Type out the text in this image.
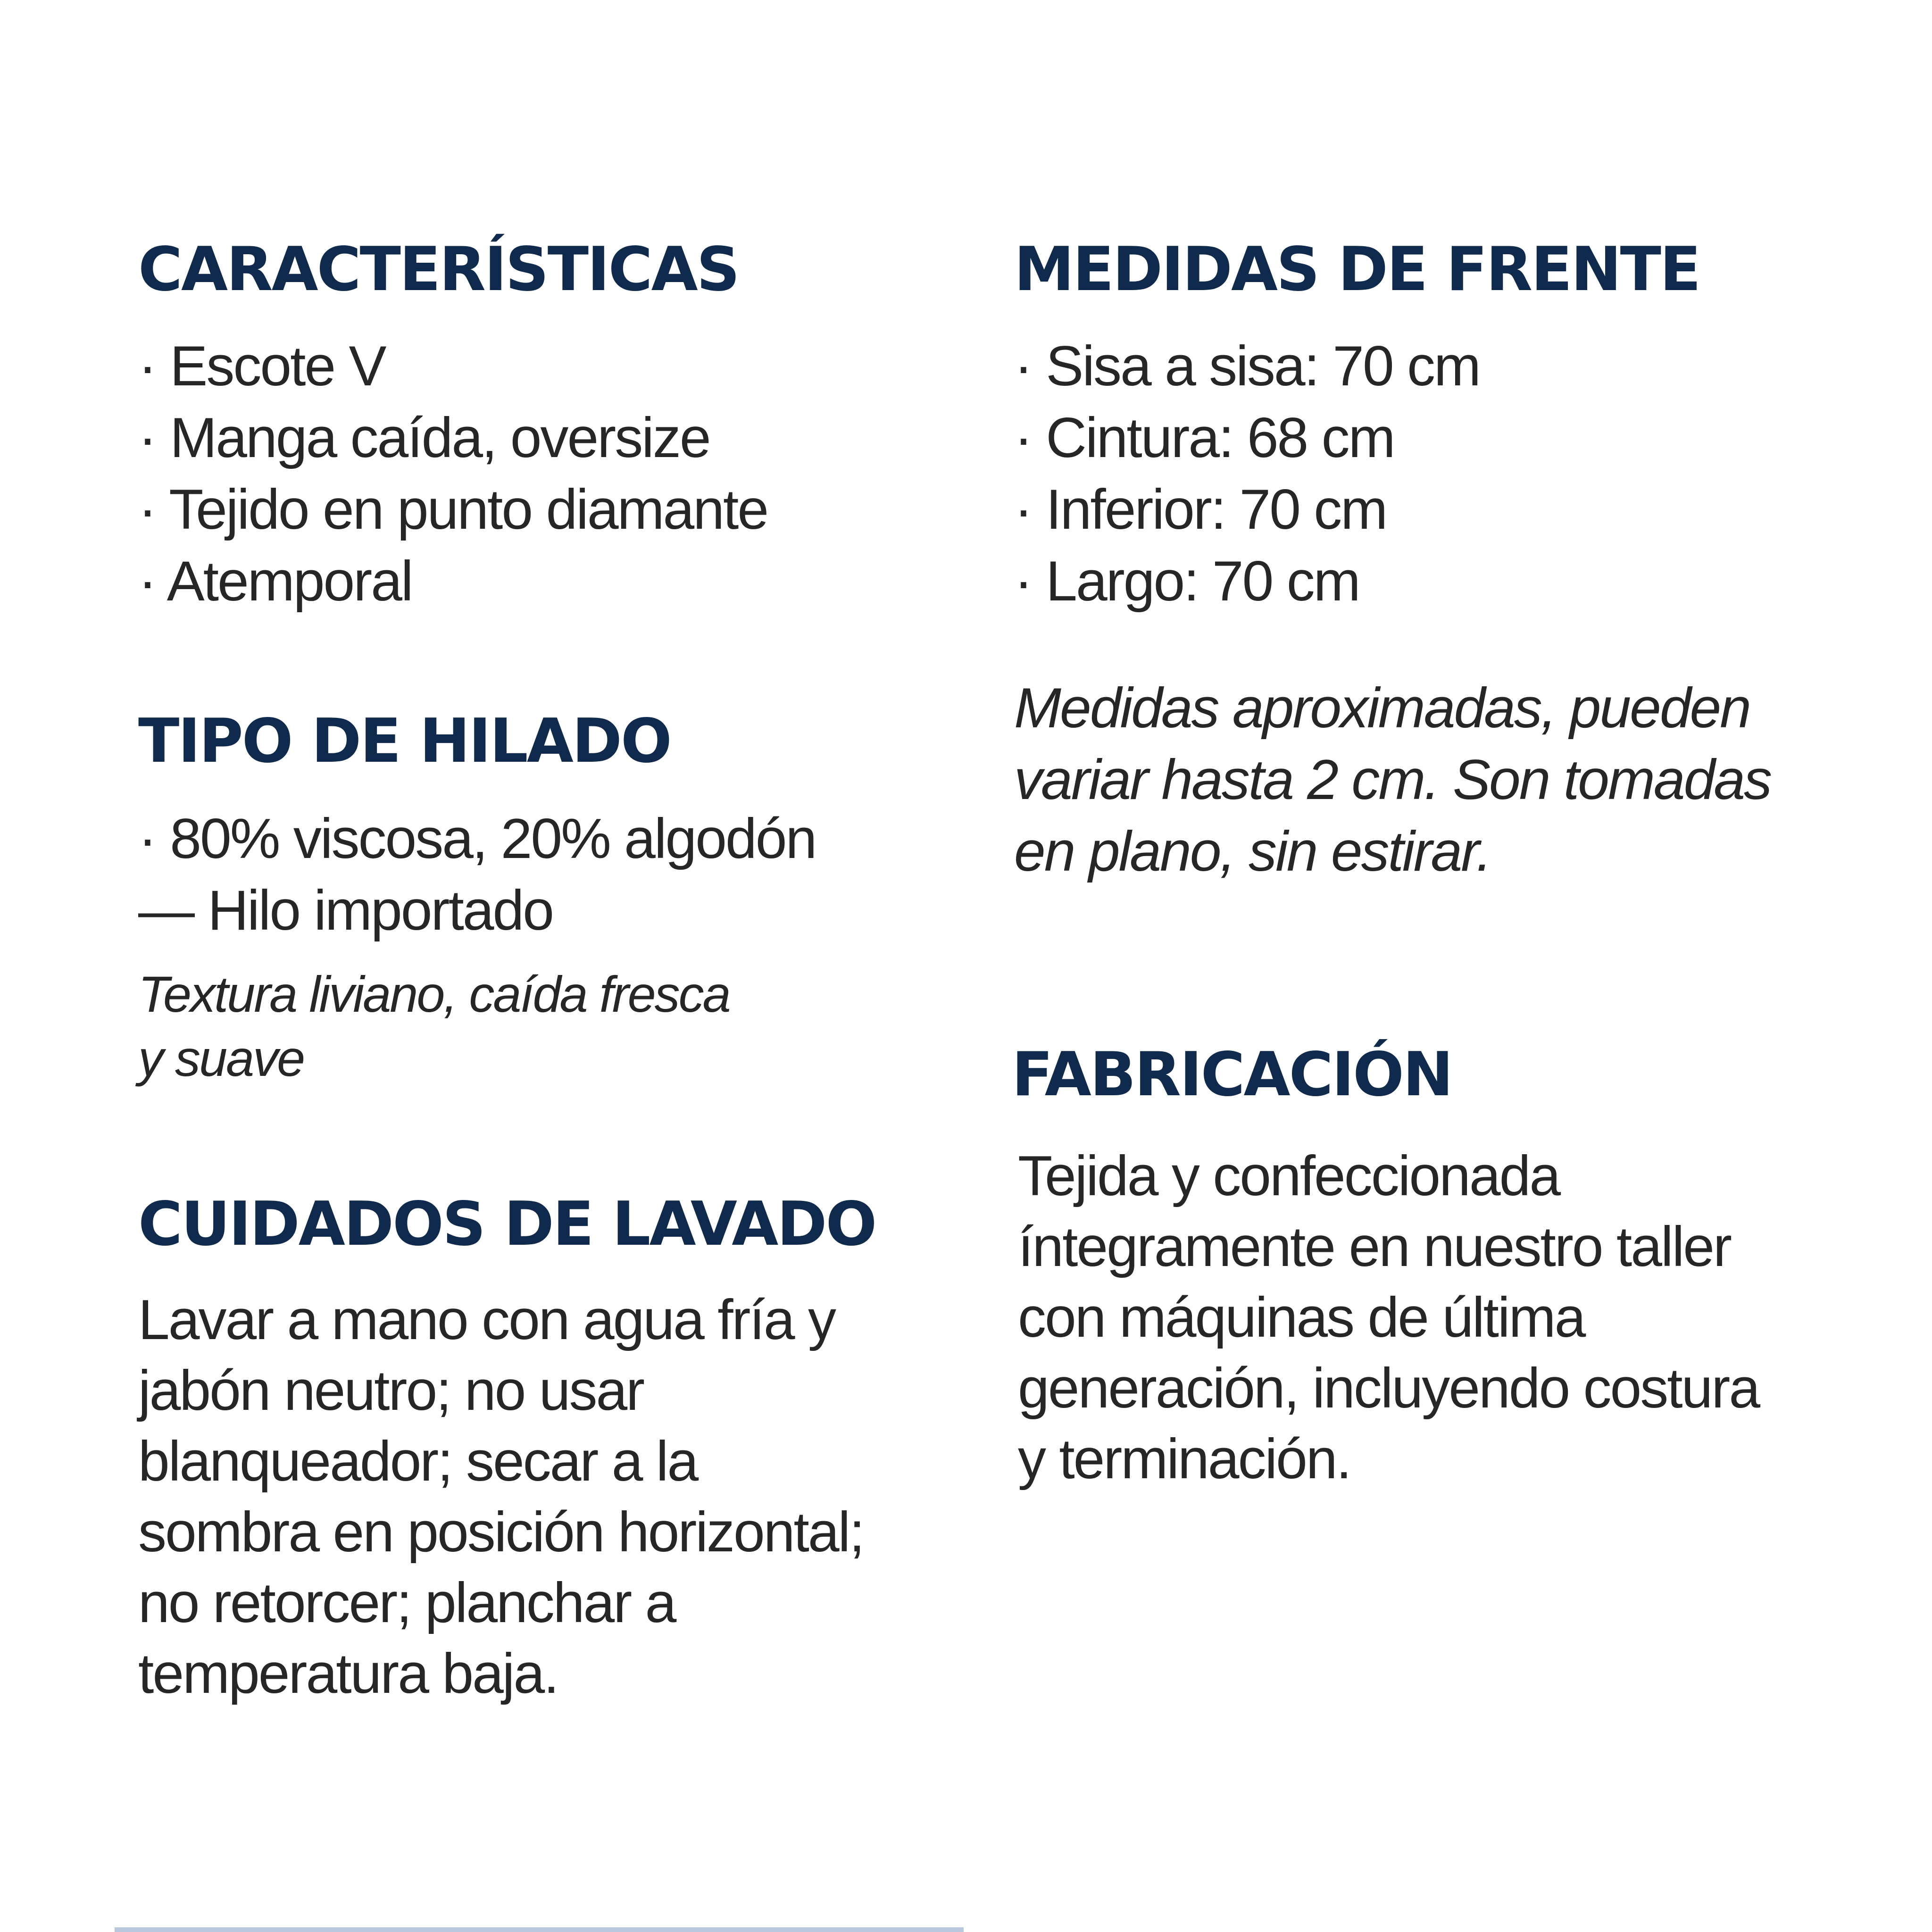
CARACTERÍSTICAS
· Escote V
· Manga caída, oversize
· Tejido en punto diamante
· Atemporal
TIPO DE HILADO
· 80% viscosa, 20% algodón
— Hilo importado

Textura liviano, caída fresca
y suave

CUIDADOS DE LAVADO

Lavar a mano con agua fría y
jabón neutro; no usar
blanqueador; secar a la
sombra en posición horizontal;
no retorcer; planchar a
temperatura baja.

MEDIDAS DE FRENTE
· Sisa a sisa: 70 cm
· Cintura: 68 cm
· Inferior: 70 cm
· Largo: 70 cm

Medidas aproximadas, pueden
variar hasta 2 cm. Son tomadas
en plano, sin estirar.

FABRICACIÓN

Tejida y confeccionada
íntegramente en nuestro taller
con máquinas de última
generación, incluyendo costura
y terminación.
